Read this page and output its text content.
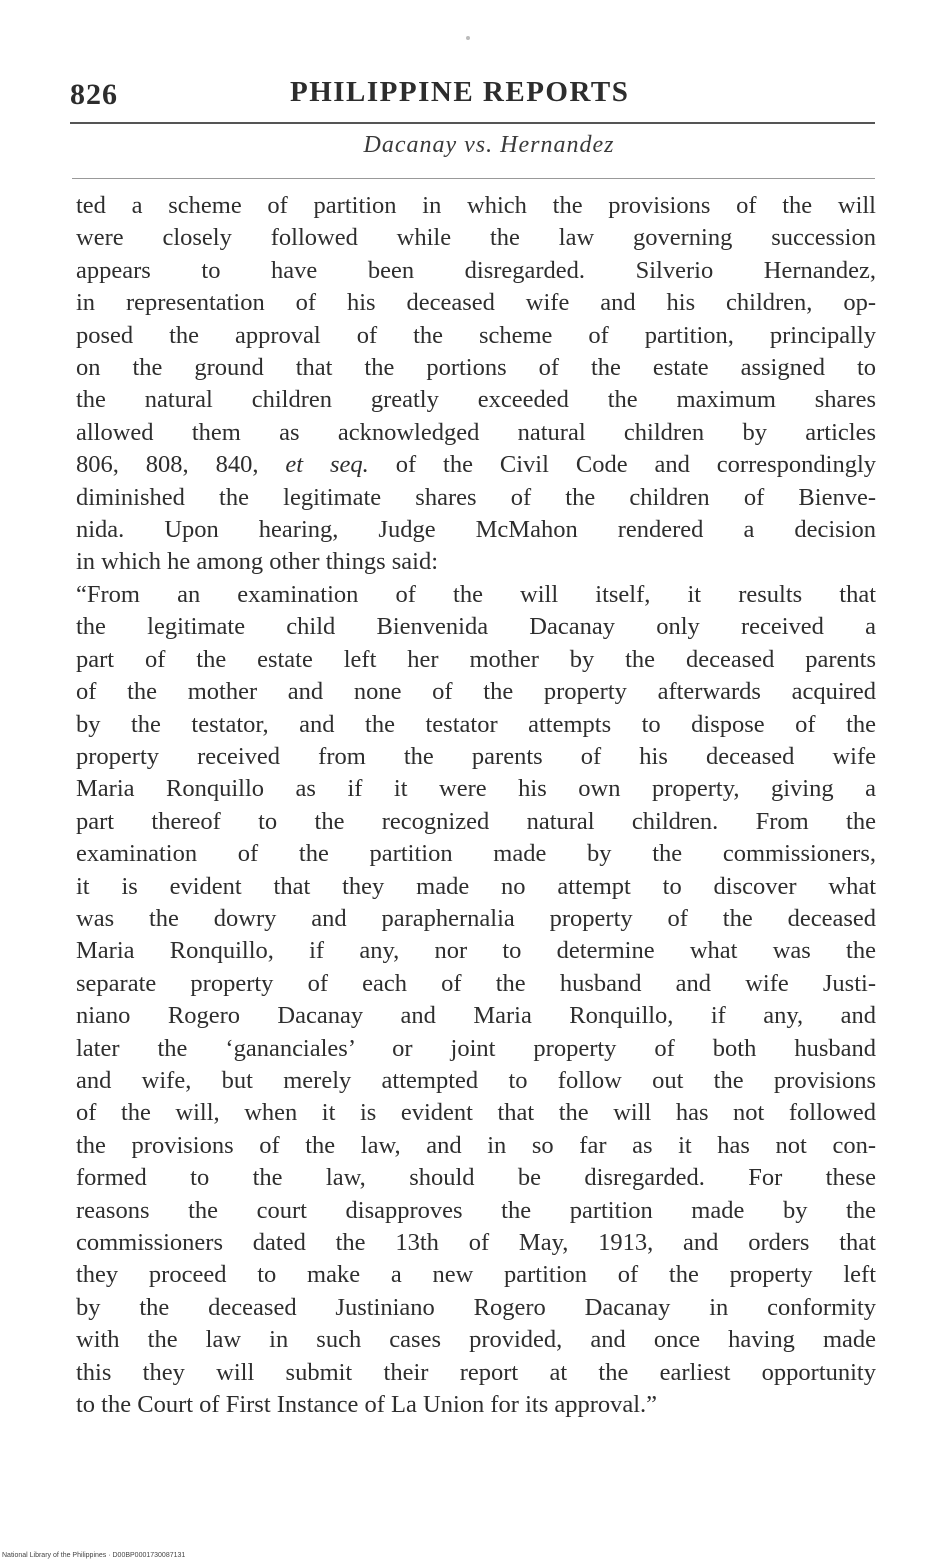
826	PHILIPPINE REPORTS
Dacanay vs. Hernandez
ted a scheme of partition in which the provisions of the will
were closely followed while the law governing succession
appears to have been disregarded. Silverio Hernandez,
in representation of his deceased wife and his children, op-
posed the approval of the scheme of partition, principally
on the ground that the portions of the estate assigned to
the natural children greatly exceeded the maximum shares
allowed them as acknowledged natural children by articles
806, 808, 840, et seq. of the Civil Code and correspondingly
diminished the legitimate shares of the children of Bienve-
nida. Upon hearing, Judge McMahon rendered a decision
in which he among other things said:
“From an examination of the will itself, it results that
the legitimate child Bienvenida Dacanay only received a
part of the estate left her mother by the deceased parents
of the mother and none of the property afterwards acquired
by the testator, and the testator attempts to dispose of the
property received from the parents of his deceased wife
Maria Ronquillo as if it were his own property, giving a
part thereof to the recognized natural children. From the
examination of the partition made by the commissioners,
it is evident that they made no attempt to discover what
was the dowry and paraphernalia property of the deceased
Maria Ronquillo, if any, nor to determine what was the
separate property of each of the husband and wife Justi-
niano Rogero Dacanay and Maria Ronquillo, if any, and
later the ‘gananciales’ or joint property of both husband
and wife, but merely attempted to follow out the provisions
of the will, when it is evident that the will has not followed
the provisions of the law, and in so far as it has not con-
formed to the law, should be disregarded. For these
reasons the court disapproves the partition made by the
commissioners dated the 13th of May, 1913, and orders that
they proceed to make a new partition of the property left
by the deceased Justiniano Rogero Dacanay in conformity
with the law in such cases provided, and once having made
this they will submit their report at the earliest opportunity
to the Court of First Instance of La Union for its approval.”
National Library of the Philippines · D00BP0001730087131
